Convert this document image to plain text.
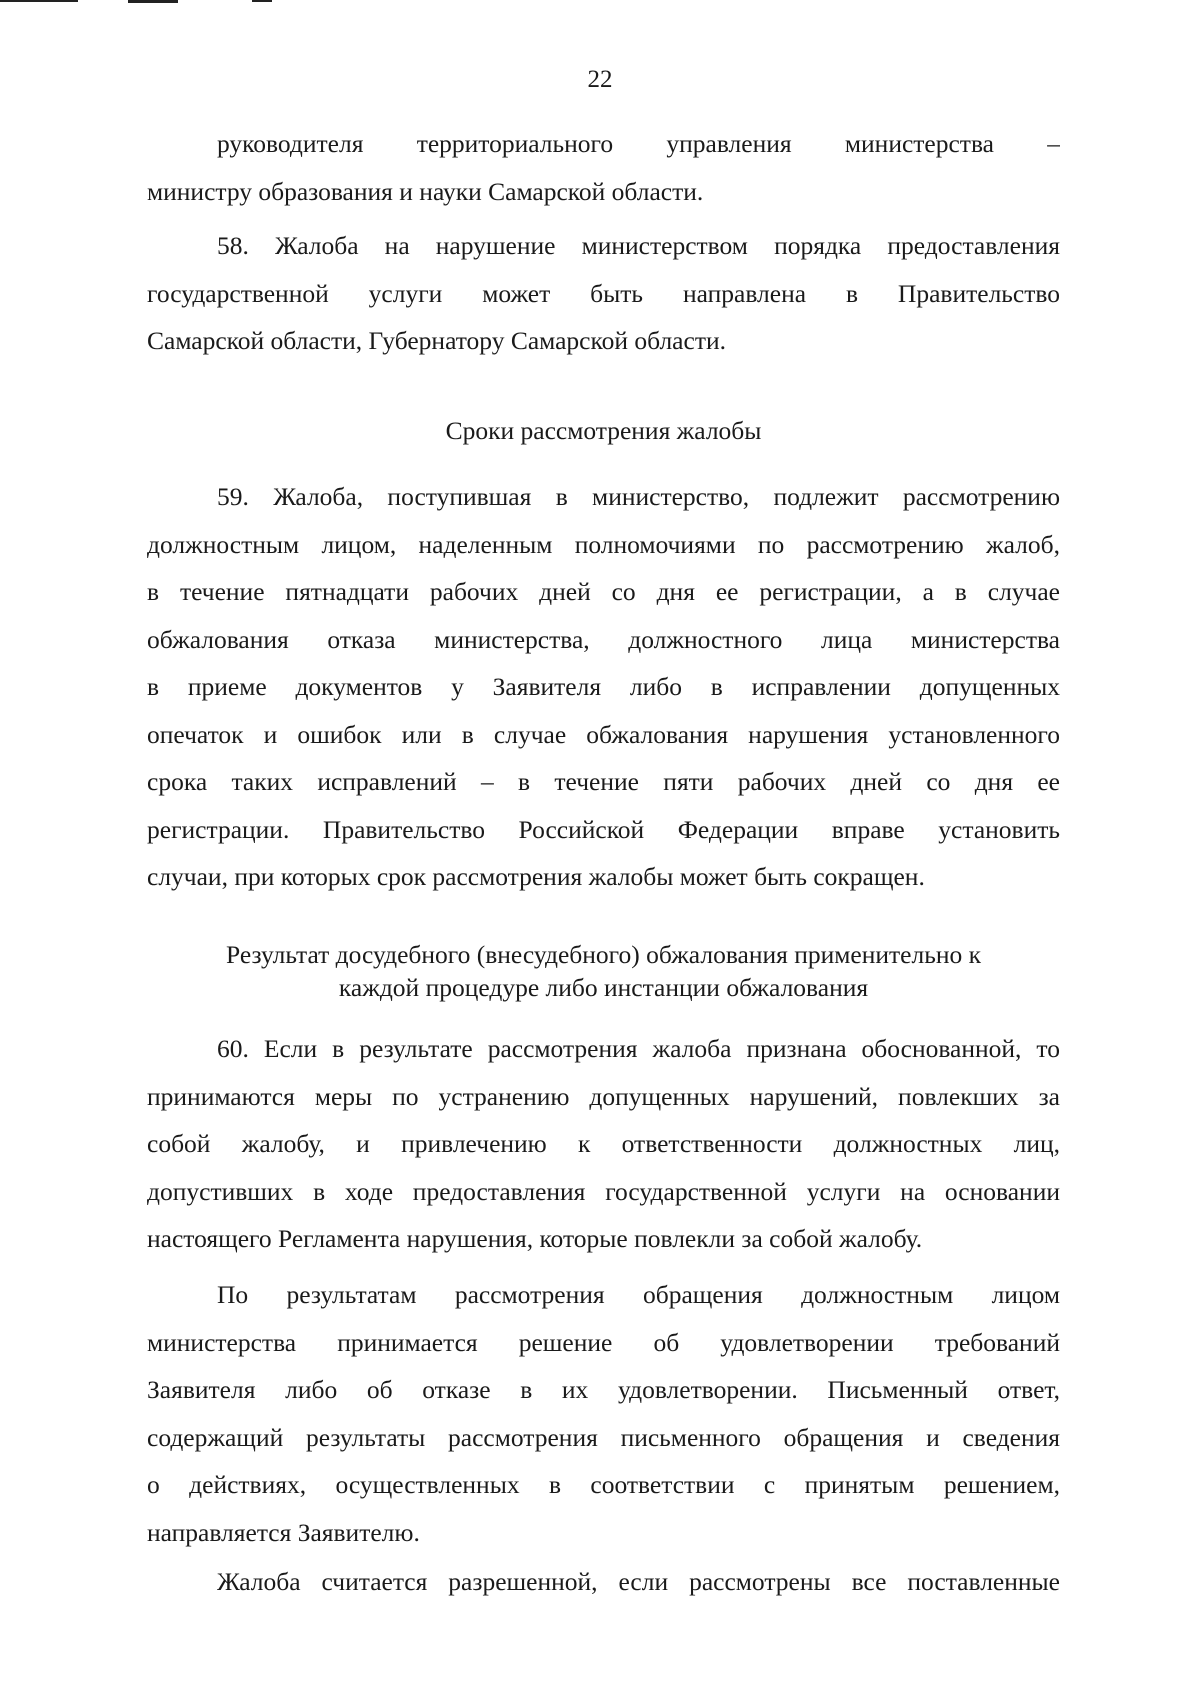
22
руководителя территориального управления министерства –
министру образования и науки Самарской области.
58. Жалоба на нарушение министерством порядка предоставления
государственной услуги может быть направлена в Правительство
Самарской области, Губернатору Самарской области.
Сроки рассмотрения жалобы
59. Жалоба, поступившая в министерство, подлежит рассмотрению
должностным лицом, наделенным полномочиями по рассмотрению жалоб,
в течение пятнадцати рабочих дней со дня ее регистрации, а в случае
обжалования отказа министерства, должностного лица министерства
в приеме документов у Заявителя либо в исправлении допущенных
опечаток и ошибок или в случае обжалования нарушения установленного
срока таких исправлений – в течение пяти рабочих дней со дня ее
регистрации. Правительство Российской Федерации вправе установить
случаи, при которых срок рассмотрения жалобы может быть сокращен.
Результат досудебного (внесудебного) обжалования применительно к
каждой процедуре либо инстанции обжалования
60. Если в результате рассмотрения жалоба признана обоснованной, то
принимаются меры по устранению допущенных нарушений, повлекших за
собой жалобу, и привлечению к ответственности должностных лиц,
допустивших в ходе предоставления государственной услуги на основании
настоящего Регламента нарушения, которые повлекли за собой жалобу.
По результатам рассмотрения обращения должностным лицом
министерства принимается решение об удовлетворении требований
Заявителя либо об отказе в их удовлетворении. Письменный ответ,
содержащий результаты рассмотрения письменного обращения и сведения
о действиях, осуществленных в соответствии с принятым решением,
направляется Заявителю.
Жалоба считается разрешенной, если рассмотрены все поставленные
